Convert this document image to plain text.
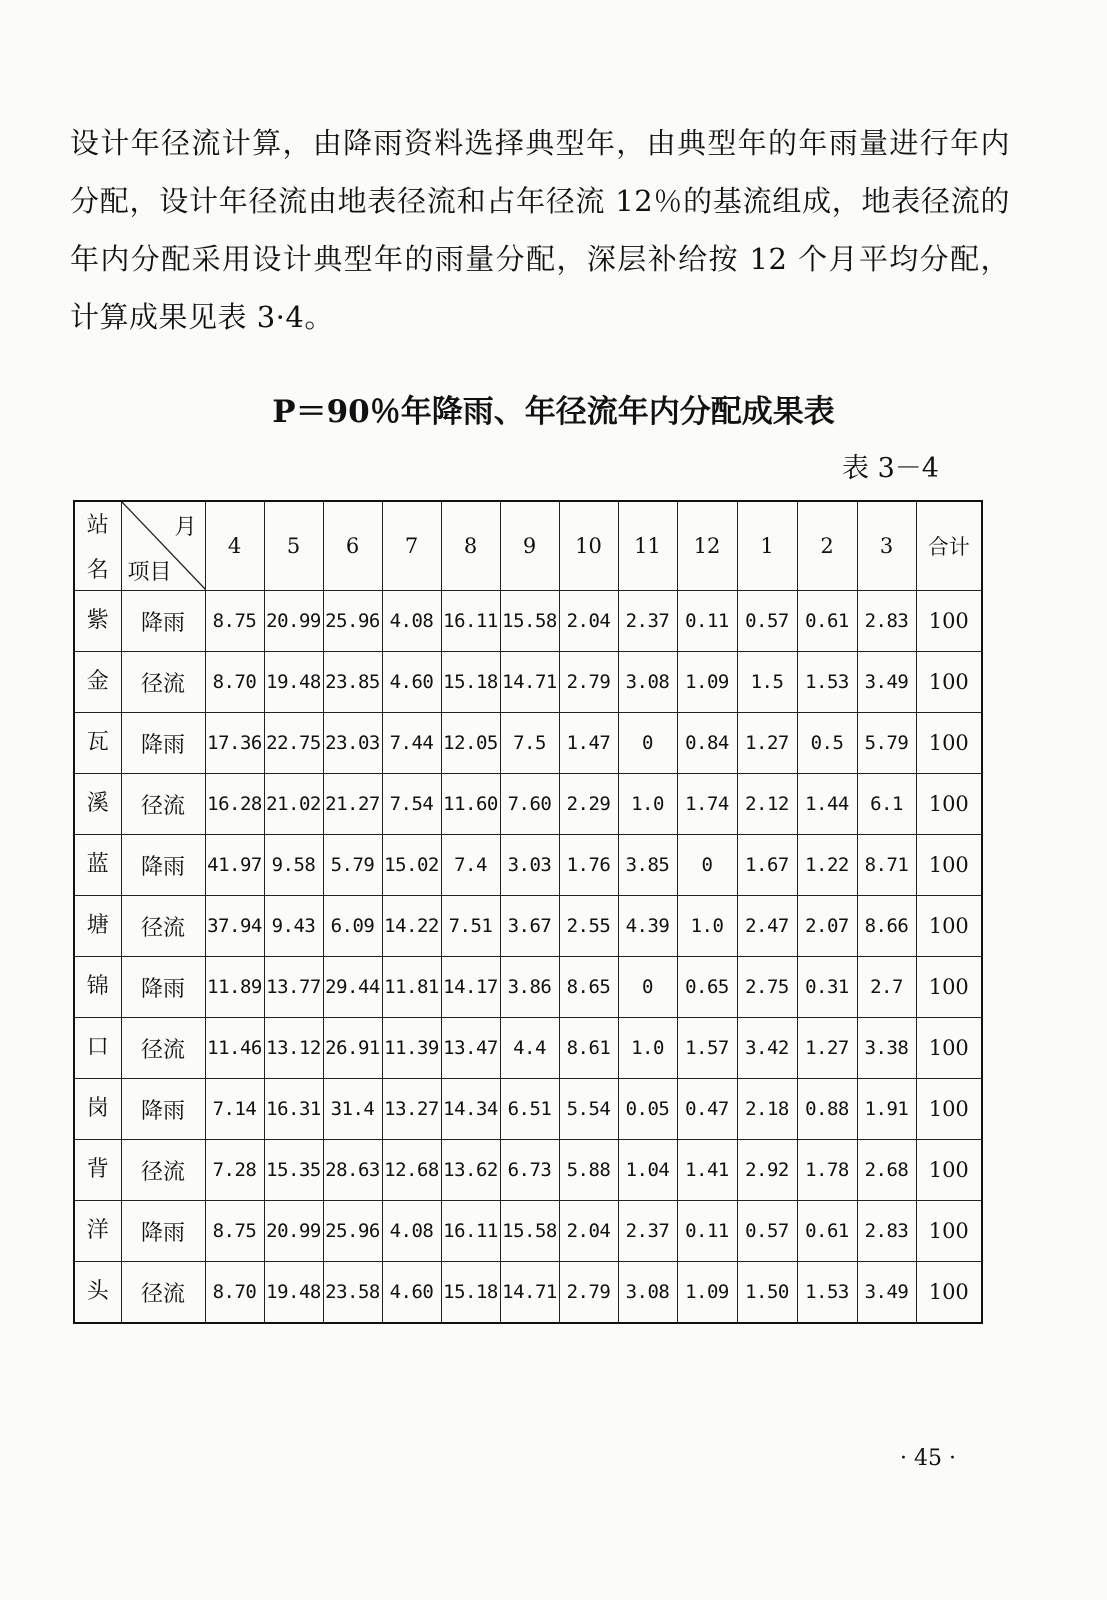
设计年径流计算，由降雨资料选择典型年，由典型年的年雨量进行年内分配，设计年径流由地表径流和占年径流 12％的基流组成，地表径流的年内分配采用设计典型年的雨量分配，深层补给按 12 个月平均分配，计算成果见表 3·4。

P＝90％年降雨、年径流年内分配成果表
表 3－4
站
名	月
项目	4	5	6	7	8	9	10	11	12	1	2	3	合计
紫	降雨	8.75	20.99	25.96	4.08	16.11	15.58	2.04	2.37	0.11	0.57	0.61	2.83	100
金	径流	8.70	19.48	23.85	4.60	15.18	14.71	2.79	3.08	1.09	1.5	1.53	3.49	100
瓦	降雨	17.36	22.75	23.03	7.44	12.05	7.5	1.47	0	0.84	1.27	0.5	5.79	100
溪	径流	16.28	21.02	21.27	7.54	11.60	7.60	2.29	1.0	1.74	2.12	1.44	6.1	100
蓝	降雨	41.97	9.58	5.79	15.02	7.4	3.03	1.76	3.85	0	1.67	1.22	8.71	100
塘	径流	37.94	9.43	6.09	14.22	7.51	3.67	2.55	4.39	1.0	2.47	2.07	8.66	100
锦	降雨	11.89	13.77	29.44	11.81	14.17	3.86	8.65	0	0.65	2.75	0.31	2.7	100
口	径流	11.46	13.12	26.91	11.39	13.47	4.4	8.61	1.0	1.57	3.42	1.27	3.38	100
岗	降雨	7.14	16.31	31.4	13.27	14.34	6.51	5.54	0.05	0.47	2.18	0.88	1.91	100
背	径流	7.28	15.35	28.63	12.68	13.62	6.73	5.88	1.04	1.41	2.92	1.78	2.68	100
洋	降雨	8.75	20.99	25.96	4.08	16.11	15.58	2.04	2.37	0.11	0.57	0.61	2.83	100
头	径流	8.70	19.48	23.58	4.60	15.18	14.71	2.79	3.08	1.09	1.50	1.53	3.49	100
· 45 ·
